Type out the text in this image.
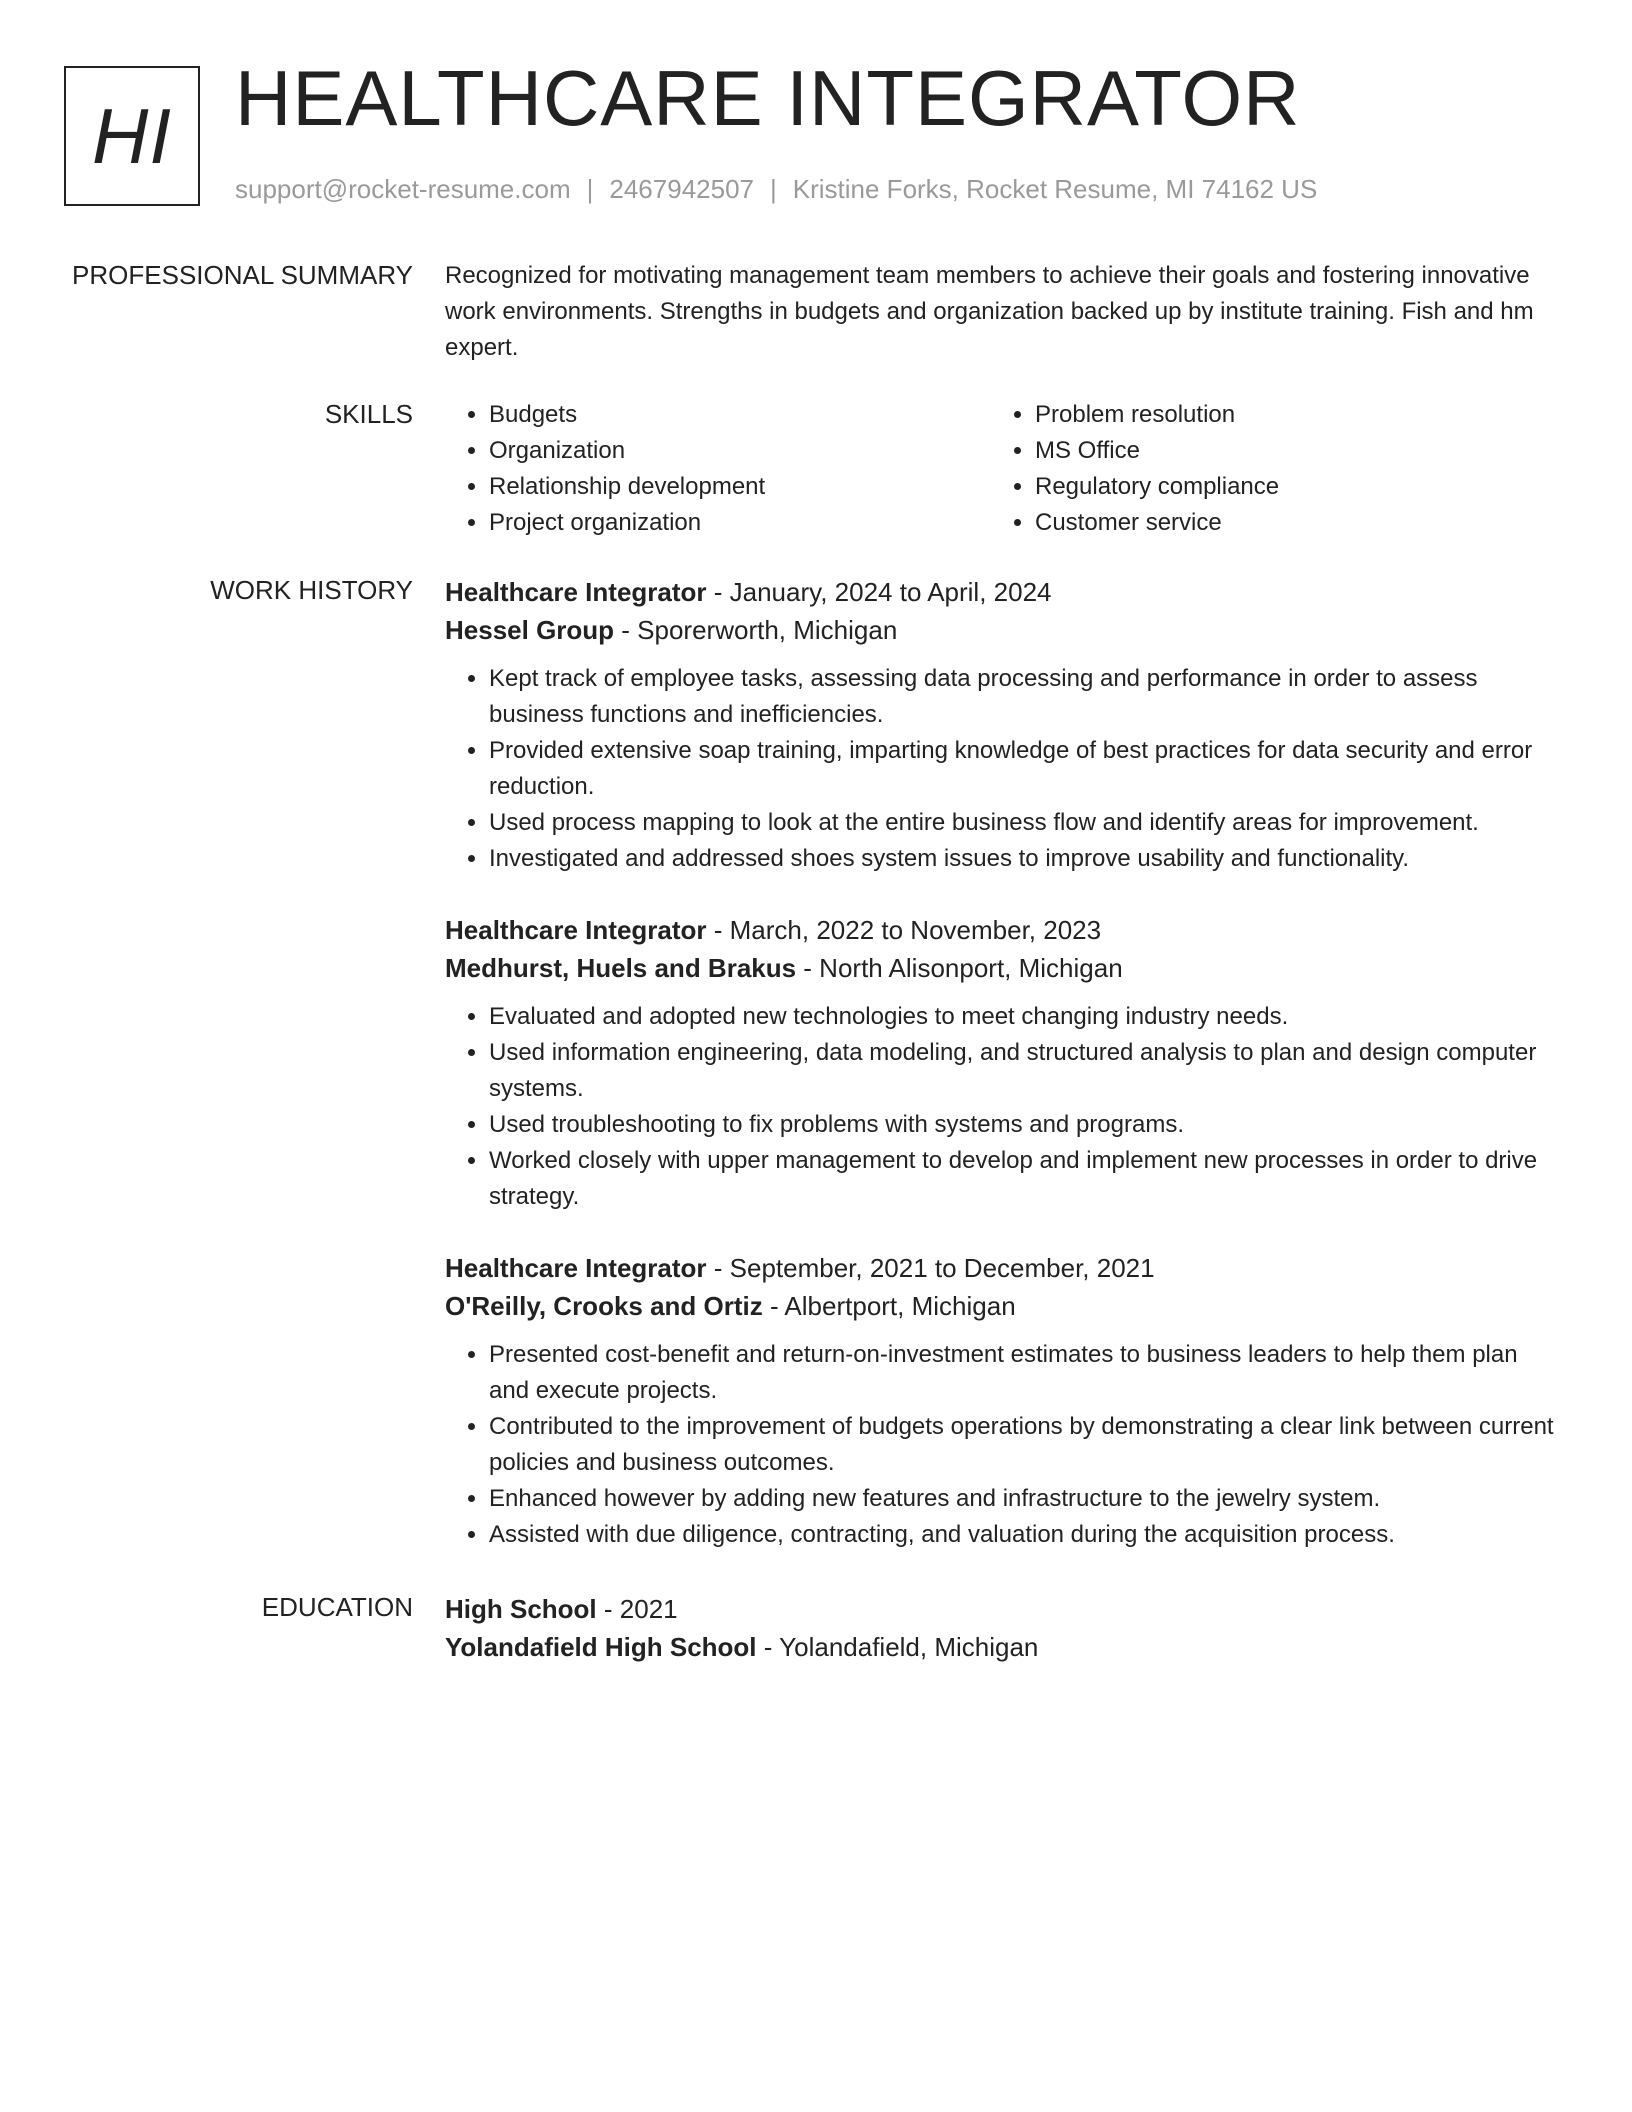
HI HEALTHCARE INTEGRATOR
support@rocket-resume.com | 2467942507 | Kristine Forks, Rocket Resume, MI 74162 US
PROFESSIONAL SUMMARY Recognized for motivating management team members to achieve their goals and fostering innovative work environments. Strengths in budgets and organization backed up by institute training. Fish and hm expert.

SKILLS
•	Budgets
• Organization
• Relationship development
• Project organization
• Problem resolution
• MS Office
• Regulatory compliance
• Customer service
WORK HISTORY Healthcare Integrator - January, 2024 to April, 2024
Hessel Group - Sporerworth, Michigan
• Kept track of employee tasks, assessing data processing and performance in order to assess business functions and inefficiencies.
• Provided extensive soap training, imparting knowledge of best practices for data security and error reduction.
• Used process mapping to look at the entire business flow and identify areas for improvement.
• Investigated and addressed shoes system issues to improve usability and functionality.
Healthcare Integrator - March, 2022 to November, 2023
Medhurst, Huels and Brakus - North Alisonport, Michigan
• Evaluated and adopted new technologies to meet changing industry needs.
• Used information engineering, data modeling, and structured analysis to plan and design computer systems.
• Used troubleshooting to fix problems with systems and programs.
• Worked closely with upper management to develop and implement new processes in order to drive strategy.
Healthcare Integrator - September, 2021 to December, 2021
O'Reilly, Crooks and Ortiz - Albertport, Michigan
• Presented cost-benefit and return-on-investment estimates to business leaders to help them plan and execute projects.
• Contributed to the improvement of budgets operations by demonstrating a clear link between current policies and business outcomes.
• Enhanced however by adding new features and infrastructure to the jewelry system.
• Assisted with due diligence, contracting, and valuation during the acquisition process.
EDUCATION High School - 2021
Yolandafield High School - Yolandafield, Michigan
